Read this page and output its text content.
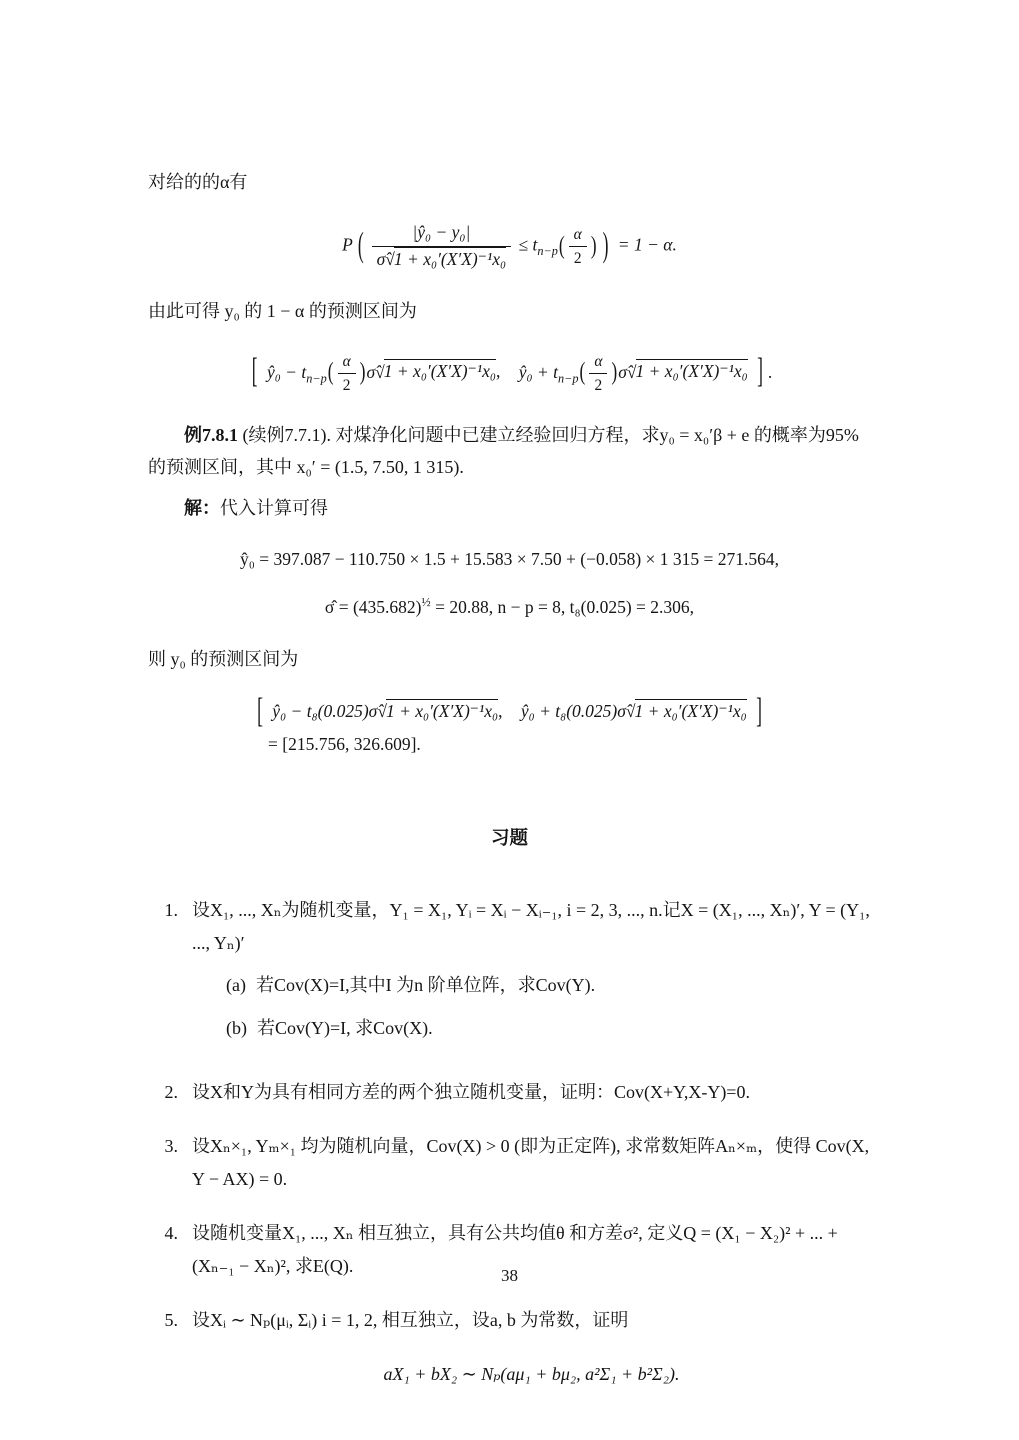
对给的的α有

P ( $\frac{\text{|ŷ₀ − y₀|}}{\text{σ̂√1 + x₀′(X′X)⁻¹x₀}} \le t_{n-p}( \frac{\alpha}{2}$ ) ) = 1 − α.

由此可得 y₀ 的 1 − α 的预测区间为

[ ŷ₀ − $t_{n-p}( \frac{\alpha}{2}$ )σ̂√1 + x₀′(X′X)⁻¹x₀, ŷ₀ + $t_{n-p}( \frac{\alpha}{2}$ )σ̂√1 + x₀′(X′X)⁻¹x₀ ] .

例7.8.1 (续例7.7.1). 对煤净化问题中已建立经验回归方程，求y₀ = x₀′β + e 的概率为95% 的预测区间，其中 x₀′ = (1.5, 7.50, 1 315).

解：代入计算可得

ŷ₀ = 397.087 − 110.750 × 1.5 + 15.583 × 7.50 + (−0.058) × 1 315 = 271.564,
σ̂ = $(435.682)^{\frac{1}{2}} = 20.88$, n − p = 8, t₈(0.025) = 2.306,

则 y₀ 的预测区间为

[ ŷ₀ − t₈(0.025)σ̂√1 + x₀′(X′X)⁻¹x₀, ŷ₀ + t₈(0.025)σ̂√1 + x₀′(X′X)⁻¹x₀ ]
= [215.756, 326.609].
习题
1. 设X₁, ..., Xₙ为随机变量，Y₁ = X₁, Yᵢ = Xᵢ − Xᵢ₋₁, i = 2, 3, ..., n.记X = (X₁, ..., Xₙ)′, Y = (Y₁, ..., Yₙ)′
(a) 若Cov(X)=I,其中I 为n 阶单位阵，求Cov(Y).
(b) 若Cov(Y)=I, 求Cov(X).
2. 设X和Y为具有相同方差的两个独立随机变量，证明：Cov(X+Y,X-Y)=0.
3. 设Xₙ×₁, Yₘ×₁ 均为随机向量，Cov(X) > 0 (即为正定阵), 求常数矩阵Aₙ×ₘ，使得 Cov(X, Y − AX) = 0.
4. 设随机变量X₁, ..., Xₙ 相互独立，具有公共均值θ 和方差σ², 定义Q = (X₁ − X₂)² + ... + (Xₙ₋₁ − Xₙ)², 求E(Q).
5. 设Xᵢ ∼ Nₚ(μᵢ, Σᵢ) i = 1, 2, 相互独立，设a, b 为常数，证明
aX₁ + bX₂ ∼ Nₚ(aμ₁ + bμ₂, a²Σ₁ + b²Σ₂).
38
